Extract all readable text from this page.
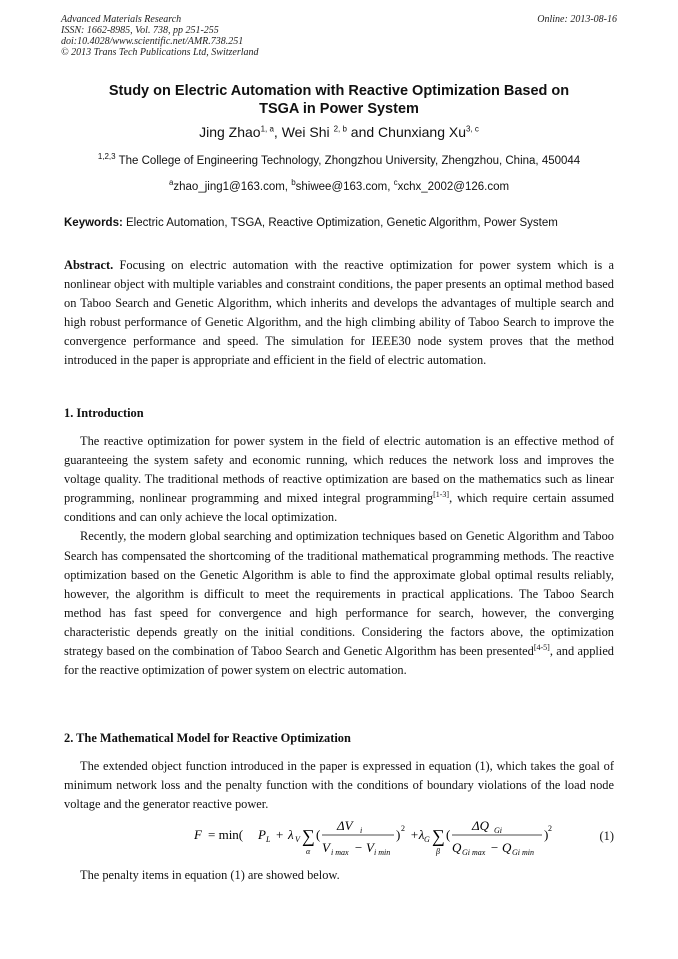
Advanced Materials Research
ISSN: 1662-8985, Vol. 738, pp 251-255
doi:10.4028/www.scientific.net/AMR.738.251
© 2013 Trans Tech Publications Ltd, Switzerland
Online: 2013-08-16
Study on Electric Automation with Reactive Optimization Based on
TSGA in Power System
Jing Zhao$^{1, a}$, Wei Shi $^{2, b}$ and Chunxiang Xu$^{3, c}$
$^{1,2,3}$ The College of Engineering Technology, Zhongzhou University, Zhengzhou, China, 450044
$^a$zhao_jing1@163.com, $^b$shiwee@163.com, $^c$xchx_2002@126.com
Keywords: Electric Automation, TSGA, Reactive Optimization, Genetic Algorithm, Power System

Abstract. Focusing on electric automation with the reactive optimization for power system which is a nonlinear object with multiple variables and constraint conditions, the paper presents an optimal method based on Taboo Search and Genetic Algorithm, which inherits and develops the advantages of multiple search and high robust performance of Genetic Algorithm, and the high climbing ability of Taboo Search to improve the convergence performance and speed. The simulation for IEEE30 node system proves that the method introduced in the paper is appropriate and efficient in the field of electric automation.

1. Introduction

The reactive optimization for power system in the field of electric automation is an effective method of guaranteeing the system safety and economic running, which reduces the network loss and improves the voltage quality. The traditional methods of reactive optimization are based on the mathematics such as linear programming, nonlinear programming and mixed integral programming[1-3], which require certain assumed conditions and can only achieve the local optimization.

Recently, the modern global searching and optimization techniques based on Genetic Algorithm and Taboo Search has compensated the shortcoming of the traditional mathematical programming methods. The reactive optimization based on the Genetic Algorithm is able to find the approximate global optimal results reliably, however, the algorithm is difficult to meet the requirements in practical applications. The Taboo Search method has fast speed for convergence and high performance for search, however, the converging characteristic depends greatly on the initial conditions. Considering the factors above, the optimization strategy based on the combination of Taboo Search and Genetic Algorithm has been presented[4-5], and applied for the reactive optimization of power system on electric automation.

2. The Mathematical Model for Reactive Optimization

The extended object function introduced in the paper is expressed in equation (1), which takes the goal of minimum network loss and the penalty function with the conditions of boundary violations of the load node voltage and the generator reactive power.

F = min( P L + λ V ∑
α
(
ΔV i
V i max − V i min
) 2 +λ G ∑
β
(
ΔQ Gi
Q Gi max − Q Gi min
) 2
(1)

The penalty items in equation (1) are showed below.
